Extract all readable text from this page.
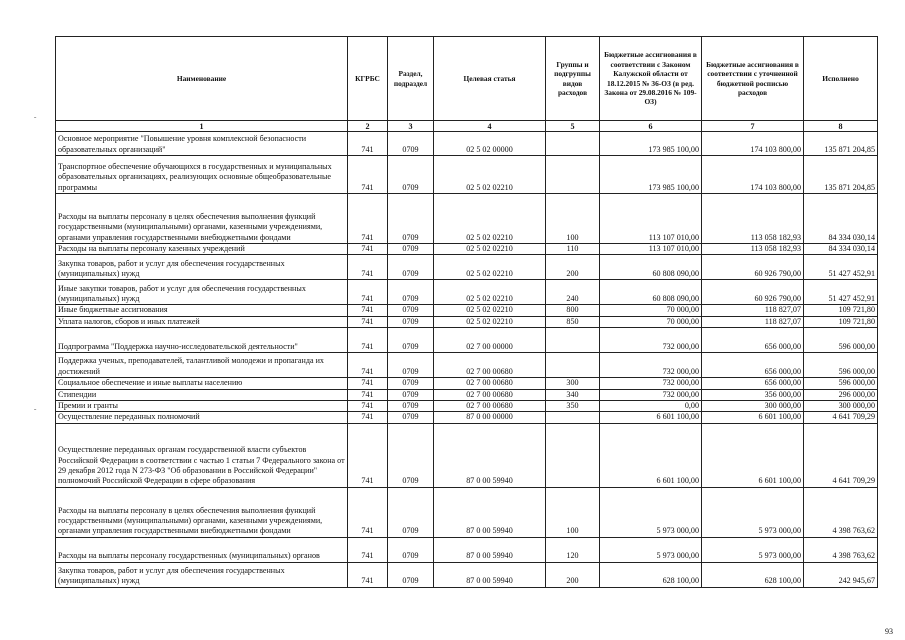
Наименование	КГРБС	Раздел, подраздел	Целевая статья	Группы и подгруппы видов расходов	Бюджетные ассигнования в соответствии с Законом Калужской области от 18.12.2015 № 36-ОЗ (в ред. Закона от 29.08.2016 № 109-ОЗ)	Бюджетные ассигнования в соответствии с уточненной бюджетной росписью расходов	Исполнено
1	2	3	4	5	6	7	8
Основное мероприятие "Повышение уровня комплексной безопасности образовательных организаций"	741	0709	02 5 02 00000		173 985 100,00	174 103 800,00	135 871 204,85
Транспортное обеспечение обучающихся в государственных и муниципальных образовательных организациях, реализующих основные общеобразовательные программы	741	0709	02 5 02 02210		173 985 100,00	174 103 800,00	135 871 204,85
Расходы на выплаты персоналу в целях обеспечения выполнения функций государственными (муниципальными) органами, казенными учреждениями, органами управления государственными внебюджетными фондами	741	0709	02 5 02 02210	100	113 107 010,00	113 058 182,93	84 334 030,14
Расходы на выплаты персоналу казенных учреждений	741	0709	02 5 02 02210	110	113 107 010,00	113 058 182,93	84 334 030,14
Закупка товаров, работ и услуг для обеспечения государственных (муниципальных) нужд	741	0709	02 5 02 02210	200	60 808 090,00	60 926 790,00	51 427 452,91
Иные закупки товаров, работ и услуг для обеспечения государственных (муниципальных) нужд	741	0709	02 5 02 02210	240	60 808 090,00	60 926 790,00	51 427 452,91
Иные бюджетные ассигнования	741	0709	02 5 02 02210	800	70 000,00	118 827,07	109 721,80
Уплата налогов, сборов и иных платежей	741	0709	02 5 02 02210	850	70 000,00	118 827,07	109 721,80
Подпрограмма "Поддержка научно-исследовательской деятельности"	741	0709	02 7 00 00000		732 000,00	656 000,00	596 000,00
Поддержка ученых, преподавателей, талантливой молодежи и пропаганда их достижений	741	0709	02 7 00 00680		732 000,00	656 000,00	596 000,00
Социальное обеспечение и иные выплаты населению	741	0709	02 7 00 00680	300	732 000,00	656 000,00	596 000,00
Стипендии	741	0709	02 7 00 00680	340	732 000,00	356 000,00	296 000,00
Премии и гранты	741	0709	02 7 00 00680	350	0,00	300 000,00	300 000,00
Осуществление переданных полномочий	741	0709	87 0 00 00000		6 601 100,00	6 601 100,00	4 641 709,29
Осуществление переданных органам государственной власти субъектов Российской Федерации в соответствии с частью 1 статьи 7 Федерального закона от 29 декабря 2012 года N 273-ФЗ "Об образовании в Российской Федерации" полномочий Российской Федерации в сфере образования	741	0709	87 0 00 59940		6 601 100,00	6 601 100,00	4 641 709,29
Расходы на выплаты персоналу в целях обеспечения выполнения функций государственными (муниципальными) органами, казенными учреждениями, органами управления государственными внебюджетными фондами	741	0709	87 0 00 59940	100	5 973 000,00	5 973 000,00	4 398 763,62
Расходы на выплаты персоналу государственных (муниципальных) органов	741	0709	87 0 00 59940	120	5 973 000,00	5 973 000,00	4 398 763,62
Закупка товаров, работ и услуг для обеспечения государственных (муниципальных) нужд	741	0709	87 0 00 59940	200	628 100,00	628 100,00	242 945,67
ˇ
ˇ
93
